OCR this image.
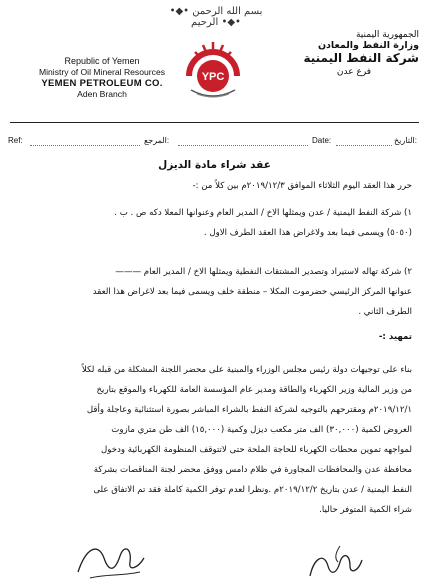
•◆• بسم الله الرحمن الرحيم •◆•
Republic of Yemen
Ministry of Oil Mineral Resources
YEMEN PETROLEUM CO.
Aden Branch
YPC
الجمهورية اليمنية
وزارة النفط والمعادن
شركة النفط اليمنية
فرع عدن
Ref:	المرجع:	Date:	التاريخ:
عقد شراء مادة الديزل
حرر هذا العقد اليوم الثلاثاء الموافق ٢٠١٩/١٢/٣م بين كلاً من :-
١) شركة النفط اليمنية / عدن ويمثلها الاخ / المدير العام وعنوانها المعلا دكه ص . ب .
(٥٠٥٠) ويسمى فيما بعد ولاغراض هذا العقد الطرف الاول .
٢) شركة تهاله لاستيراد وتصدير المشتقات النفطية ويمثلها الاخ / المدير العام ———
عنوانها المركز الرئيسي حضرموت المكلا – منطقة خلف ويسمى فيما بعد لاغراض هذا العقد
الطرف الثاني .
تمهيد :-
بناء على توجيهات دولة رئيس مجلس الوزراء والمبنية على محضر اللجنة المشكلة من قبله لكلاً
من وزير المالية وزير الكهرباء والطاقة ومدير عام المؤسسة العامة للكهرباء والموقع بتاريخ
٢٠١٩/١٢/١م ومقترحهم بالتوجيه لشركة النفط بالشراء المباشر بصورة استثنائية وعاجلة وأقل
العروض لكمية (٣٠,٠٠٠) الف متر مكعب ديزل وكمية (١٥,٠٠٠) الف طن متري مازوت
لمواجهه تموين محطات الكهرباء للحاجة الملحة حتى لاتتوقف المنظومة الكهربائية ودخول
محافظة عدن والمحافظات المجاورة في ظلام دامس ووفق محضر لجنة المناقصات بشركة
النفط اليمنية / عدن بتاريخ ٢٠١٩/١٢/٢م .ونظرا لعدم توفر الكمية كاملة فقد تم الاتفاق على
شراء الكمية المتوفر حاليا.
